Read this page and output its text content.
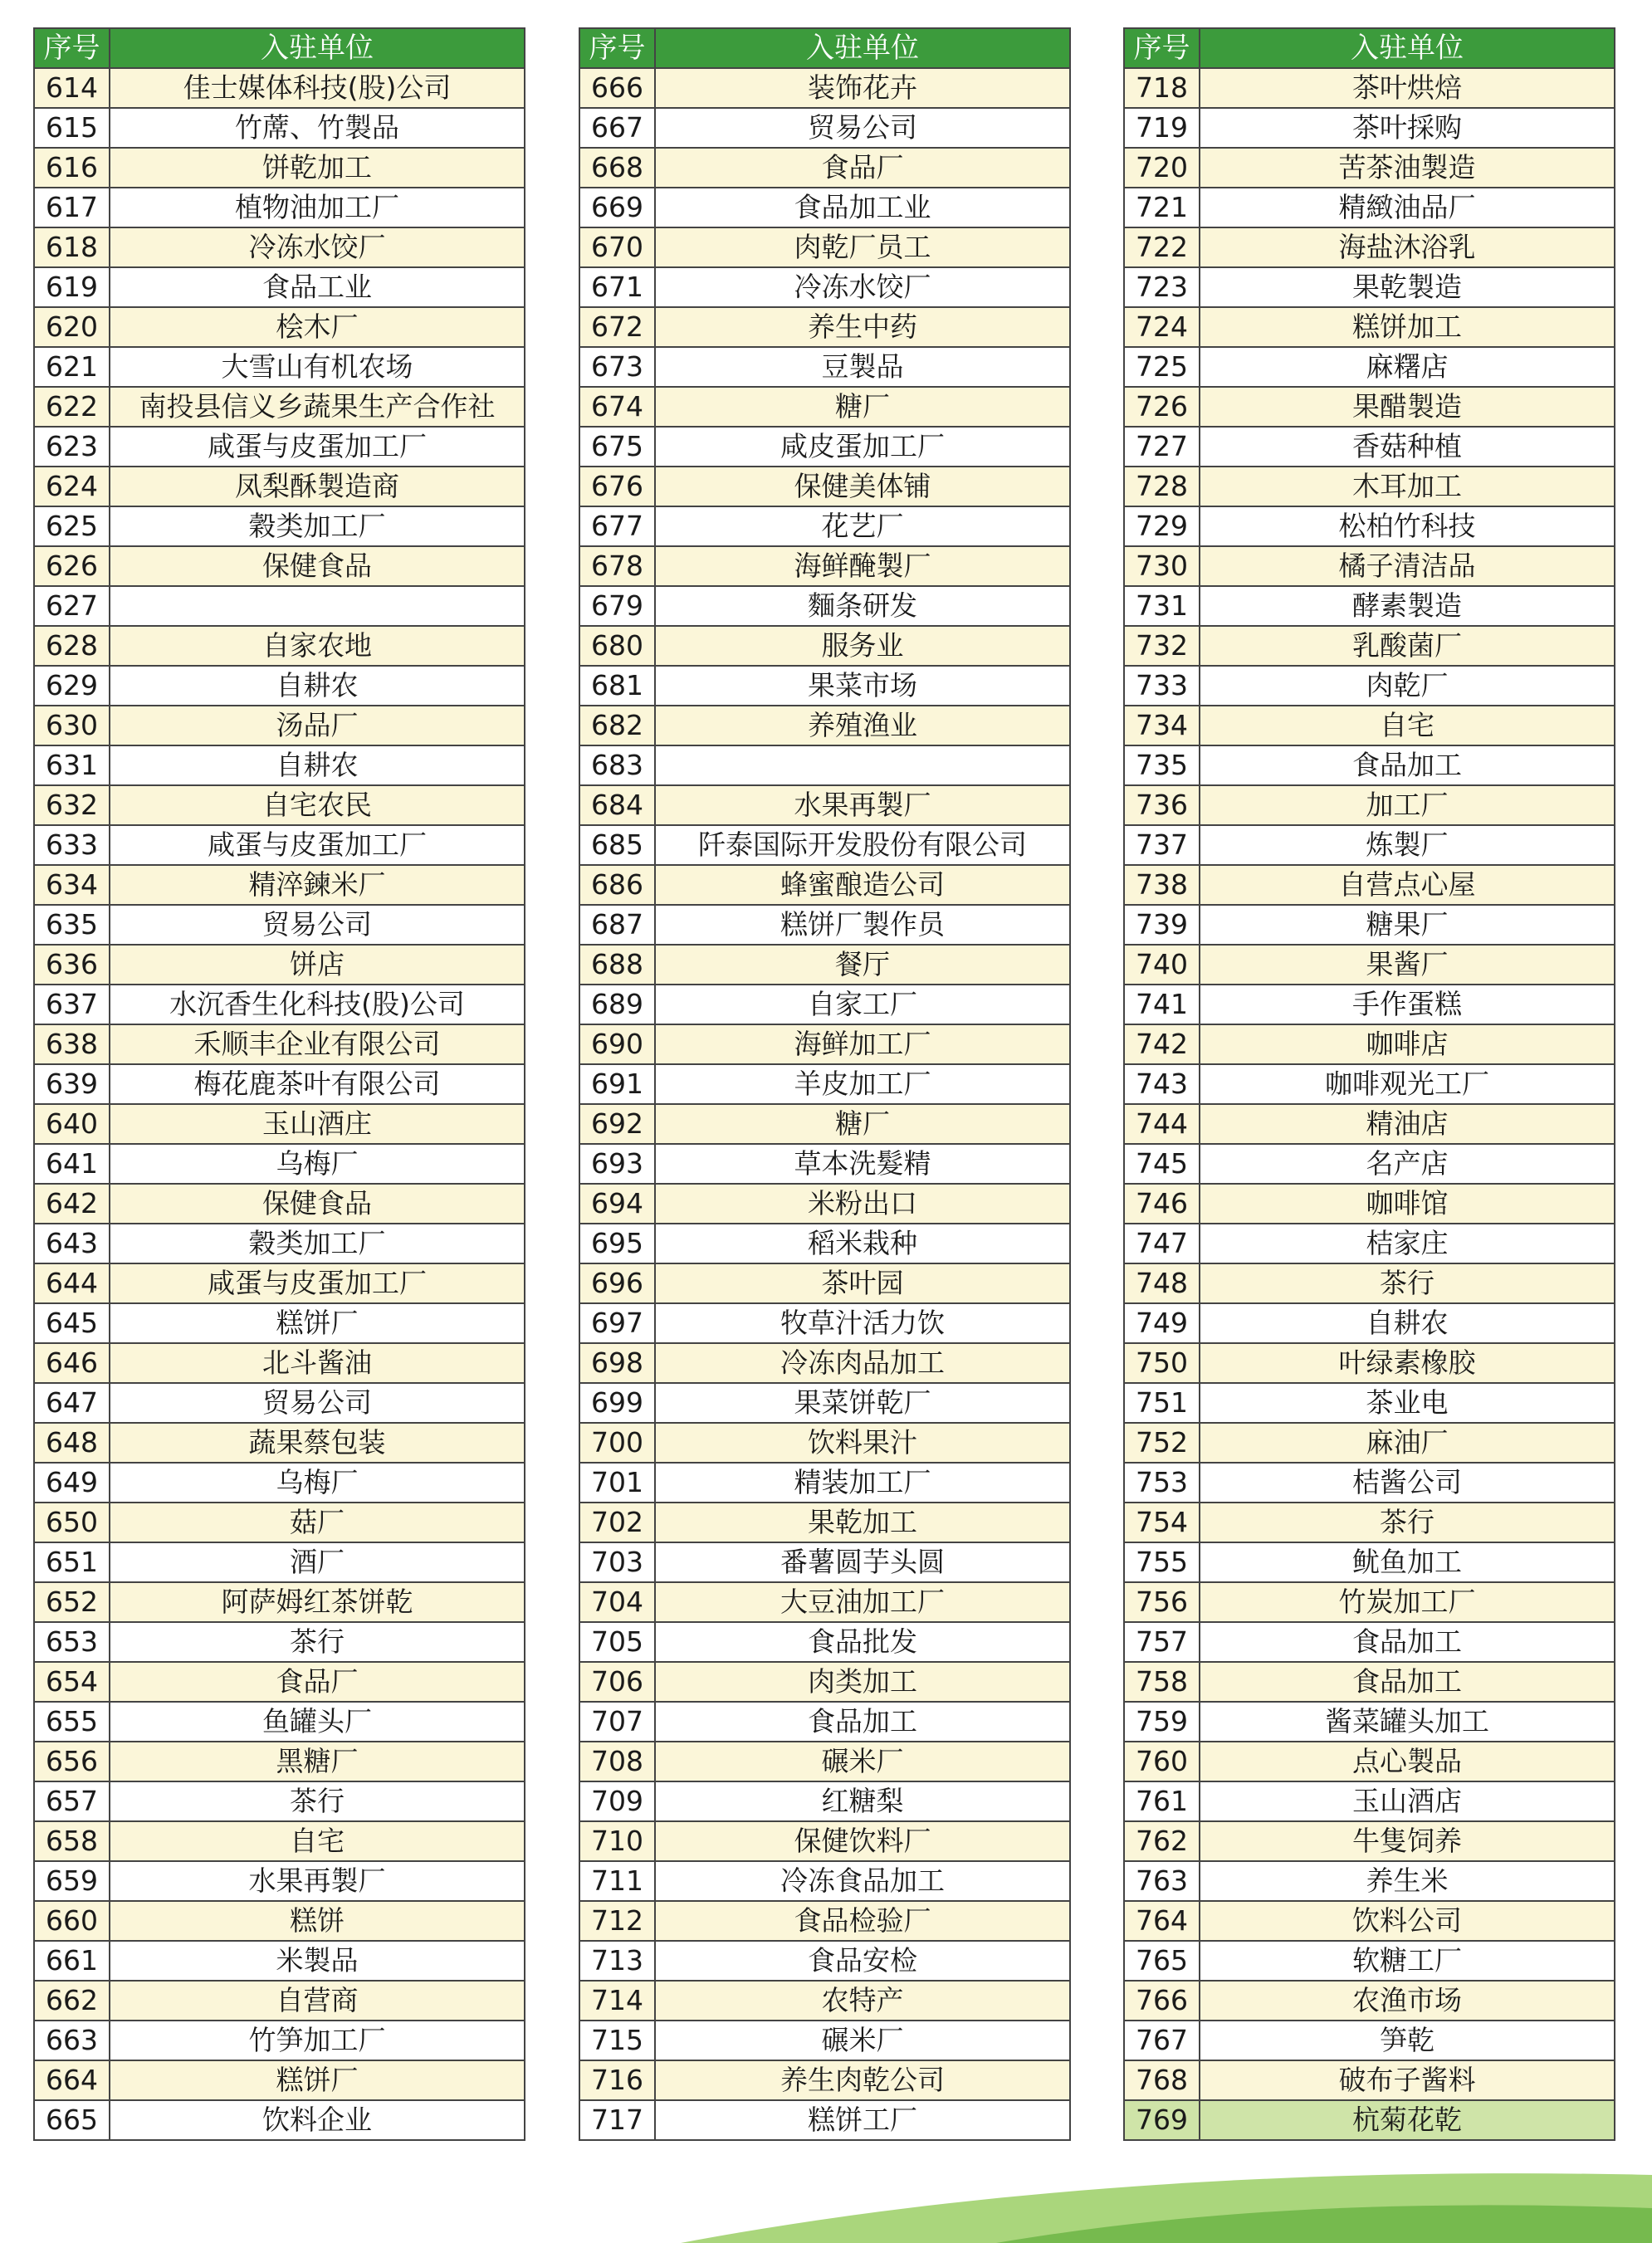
序号	入驻单位
614	佳士媒体科技(股)公司
615	竹蓆、竹製品
616	饼乾加工
617	植物油加工厂
618	冷冻水饺厂
619	食品工业
620	桧木厂
621	大雪山有机农场
622	南投县信义乡蔬果生产合作社
623	咸蛋与皮蛋加工厂
624	凤梨酥製造商
625	穀类加工厂
626	保健食品
627	
628	自家农地
629	自耕农
630	汤品厂
631	自耕农
632	自宅农民
633	咸蛋与皮蛋加工厂
634	精淬鍊米厂
635	贸易公司
636	饼店
637	水沉香生化科技(股)公司
638	禾顺丰企业有限公司
639	梅花鹿茶叶有限公司
640	玉山酒庄
641	乌梅厂
642	保健食品
643	穀类加工厂
644	咸蛋与皮蛋加工厂
645	糕饼厂
646	北斗酱油
647	贸易公司
648	蔬果蔡包装
649	乌梅厂
650	菇厂
651	酒厂
652	阿萨姆红茶饼乾
653	茶行
654	食品厂
655	鱼罐头厂
656	黑糖厂
657	茶行
658	自宅
659	水果再製厂
660	糕饼
661	米製品
662	自营商
663	竹笋加工厂
664	糕饼厂
665	饮料企业
序号	入驻单位
666	装饰花卉
667	贸易公司
668	食品厂
669	食品加工业
670	肉乾厂员工
671	冷冻水饺厂
672	养生中药
673	豆製品
674	糖厂
675	咸皮蛋加工厂
676	保健美体铺
677	花艺厂
678	海鲜醃製厂
679	麵条研发
680	服务业
681	果菜市场
682	养殖渔业
683	
684	水果再製厂
685	阡泰国际开发股份有限公司
686	蜂蜜酿造公司
687	糕饼厂製作员
688	餐厅
689	自家工厂
690	海鲜加工厂
691	羊皮加工厂
692	糖厂
693	草本洗髮精
694	米粉出口
695	稻米栽种
696	茶叶园
697	牧草汁活力饮
698	冷冻肉品加工
699	果菜饼乾厂
700	饮料果汁
701	精装加工厂
702	果乾加工
703	番薯圆芋头圆
704	大豆油加工厂
705	食品批发
706	肉类加工
707	食品加工
708	碾米厂
709	红糖梨
710	保健饮料厂
711	冷冻食品加工
712	食品检验厂
713	食品安检
714	农特产
715	碾米厂
716	养生肉乾公司
717	糕饼工厂
序号	入驻单位
718	茶叶烘焙
719	茶叶採购
720	苦茶油製造
721	精緻油品厂
722	海盐沐浴乳
723	果乾製造
724	糕饼加工
725	麻糬店
726	果醋製造
727	香菇种植
728	木耳加工
729	松柏竹科技
730	橘子清洁品
731	酵素製造
732	乳酸菌厂
733	肉乾厂
734	自宅
735	食品加工
736	加工厂
737	炼製厂
738	自营点心屋
739	糖果厂
740	果酱厂
741	手作蛋糕
742	咖啡店
743	咖啡观光工厂
744	精油店
745	名产店
746	咖啡馆
747	桔家庄
748	茶行
749	自耕农
750	叶绿素橡胶
751	茶业电
752	麻油厂
753	桔酱公司
754	茶行
755	鱿鱼加工
756	竹炭加工厂
757	食品加工
758	食品加工
759	酱菜罐头加工
760	点心製品
761	玉山酒店
762	牛隻饲养
763	养生米
764	饮料公司
765	软糖工厂
766	农渔市场
767	笋乾
768	破布子酱料
769	杭菊花乾
